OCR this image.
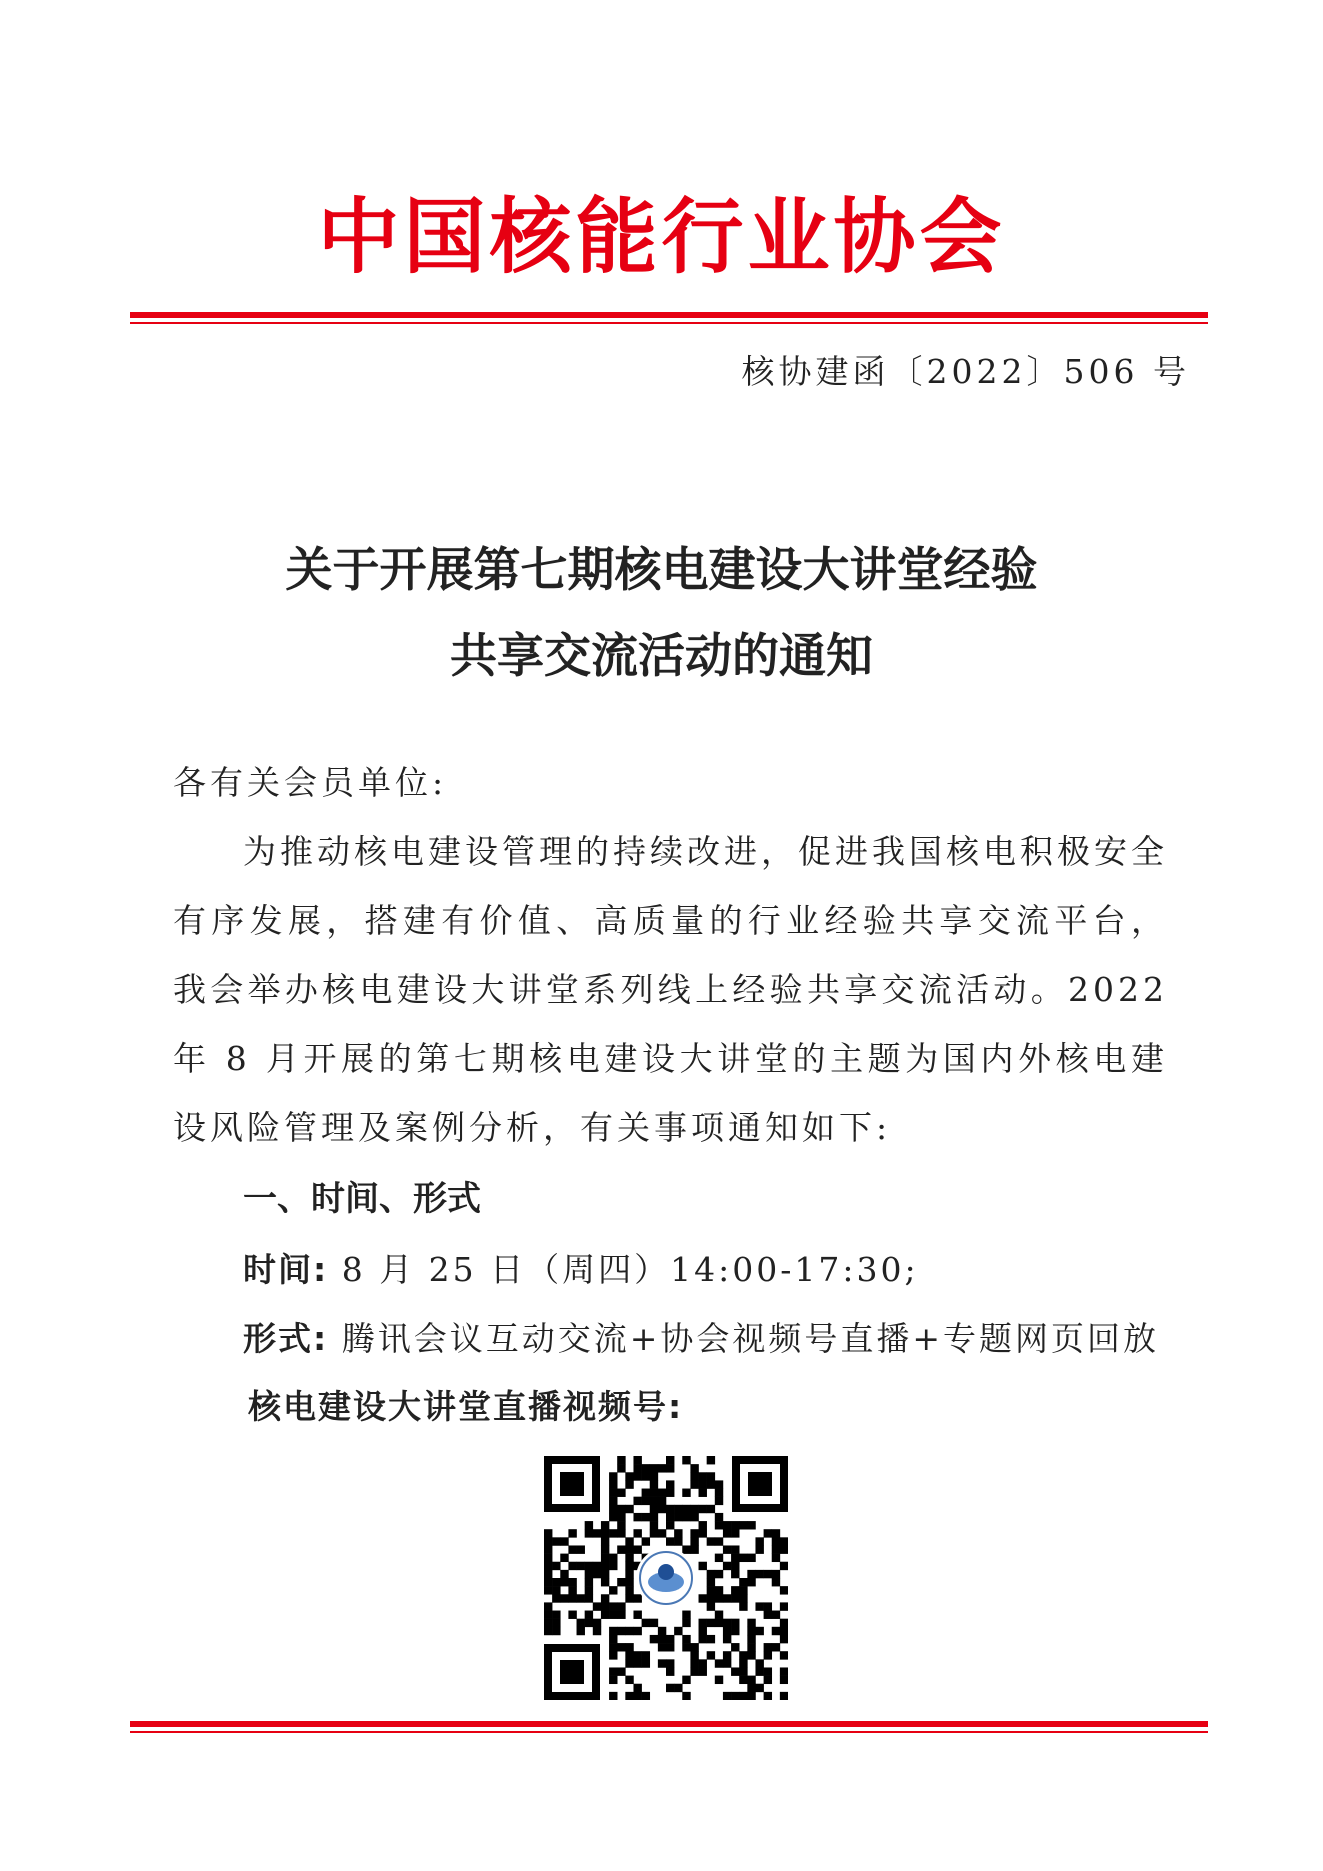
中国核能行业协会
核协建函〔2022〕506 号
关于开展第七期核电建设大讲堂经验
共享交流活动的通知
各有关会员单位:
为推动核电建设管理的持续改进，促进我国核电积极安全有序发展，搭建有价值、高质量的行业经验共享交流平台，我会举办核电建设大讲堂系列线上经验共享交流活动。2022 年 8 月开展的第七期核电建设大讲堂的主题为国内外核电建设风险管理及案例分析，有关事项通知如下:
一、时间、形式
时间: 8 月 25 日（周四）14:00-17:30;
形式: 腾讯会议互动交流+协会视频号直播+专题网页回放
核电建设大讲堂直播视频号:
